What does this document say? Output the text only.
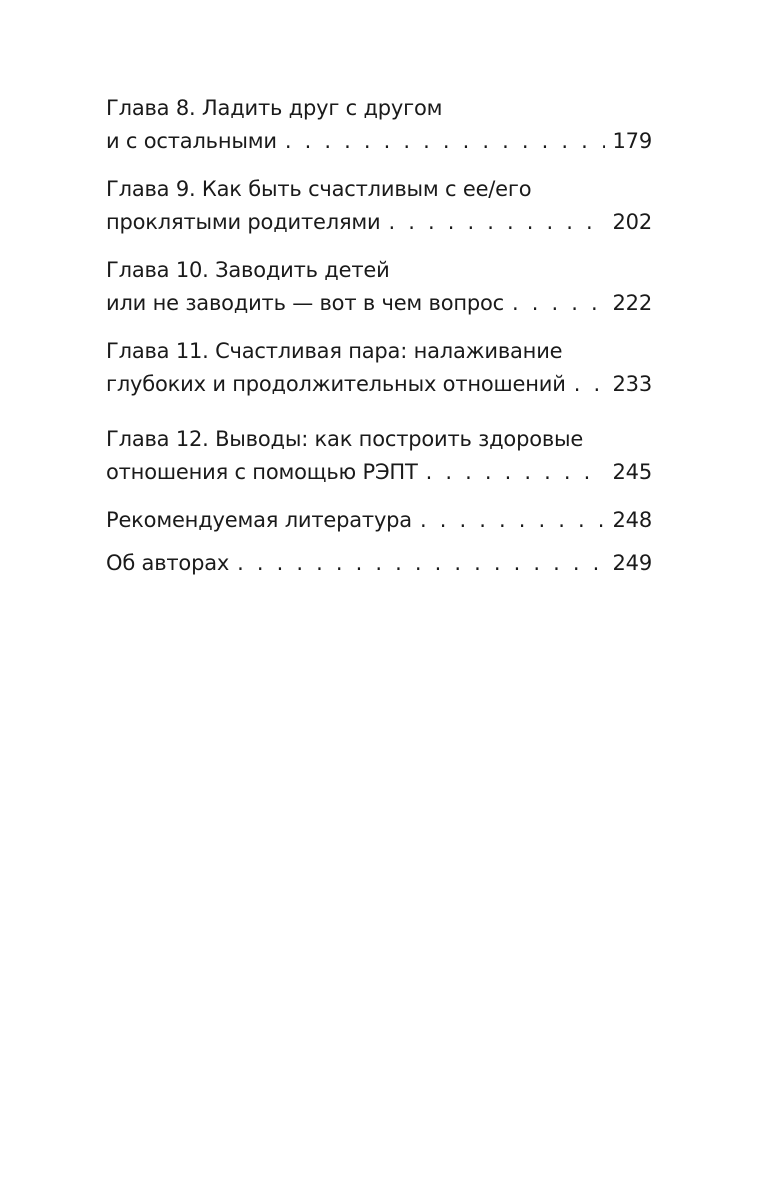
Глава 8. Ладить друг с другом
и с остальными . . .	179
Глава 9. Как быть счастливым с ее/его
проклятыми родителями . . .	202
Глава 10. Заводить детей
или не заводить — вот в чем вопрос . . .	222
Глава 11. Счастливая пара: налаживание
глубоких и продолжительных отношений . . . 233
Глава 12. Выводы: как построить здоровые
отношения с помощью РЭПТ . . .	245
Рекомендуемая литература . . .	248
Об авторах . . .	249
